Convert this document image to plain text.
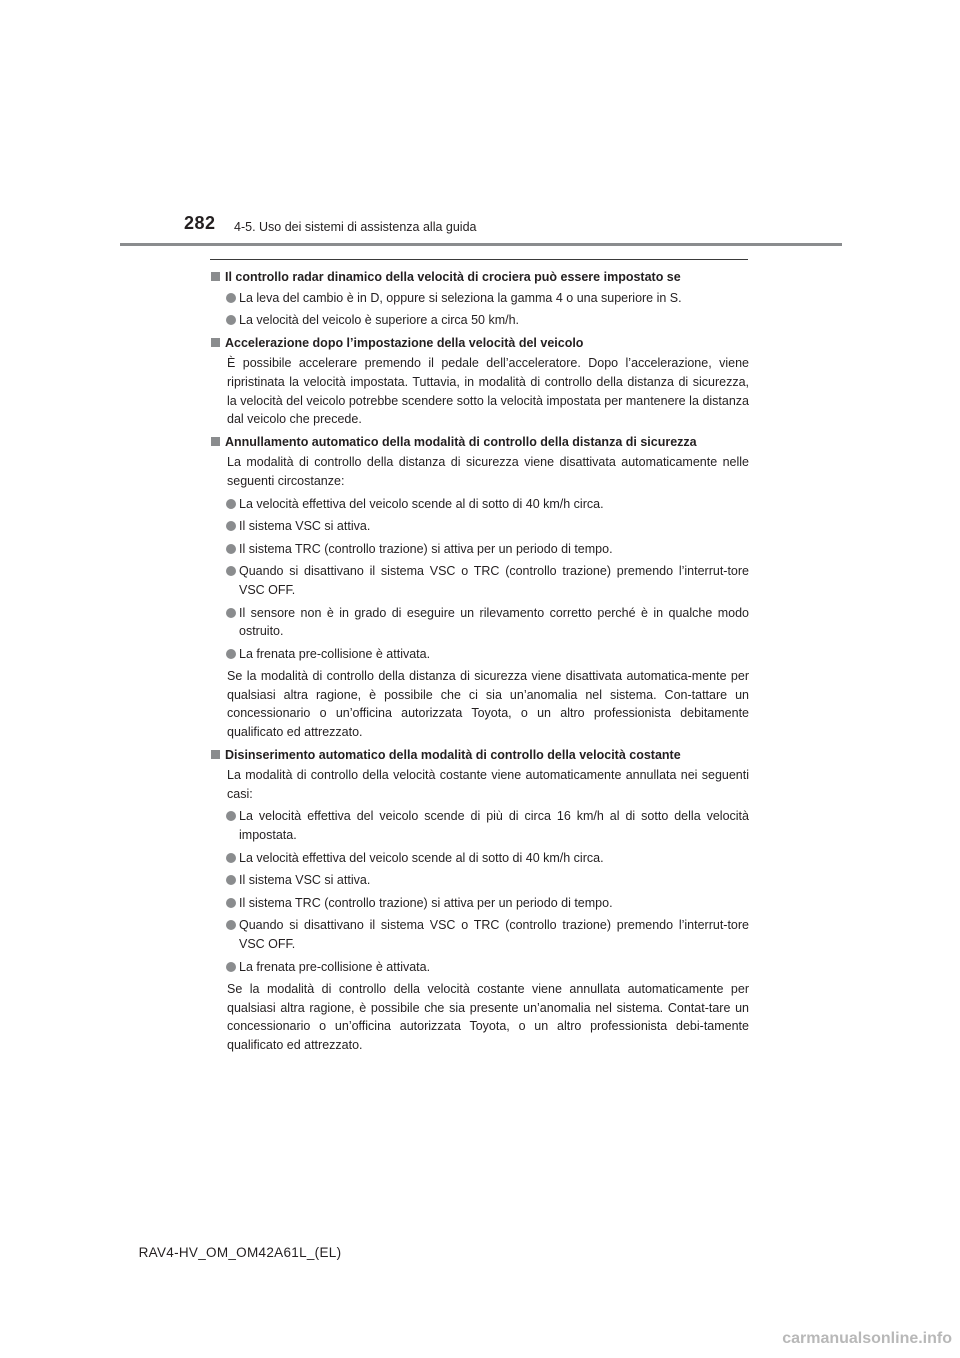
282 4-5. Uso dei sistemi di assistenza alla guida
Il controllo radar dinamico della velocità di crociera può essere impostato se
La leva del cambio è in D, oppure si seleziona la gamma 4 o una superiore in S.
La velocità del veicolo è superiore a circa 50 km/h.
Accelerazione dopo l’impostazione della velocità del veicolo
È possibile accelerare premendo il pedale dell’acceleratore. Dopo l’accelerazione, viene ripristinata la velocità impostata. Tuttavia, in modalità di controllo della distanza di sicurezza, la velocità del veicolo potrebbe scendere sotto la velocità impostata per mantenere la distanza dal veicolo che precede.
Annullamento automatico della modalità di controllo della distanza di sicurezza
La modalità di controllo della distanza di sicurezza viene disattivata automaticamente nelle seguenti circostanze:
La velocità effettiva del veicolo scende al di sotto di 40 km/h circa.
Il sistema VSC si attiva.
Il sistema TRC (controllo trazione) si attiva per un periodo di tempo.
Quando si disattivano il sistema VSC o TRC (controllo trazione) premendo l’interrut-tore VSC OFF.
Il sensore non è in grado di eseguire un rilevamento corretto perché è in qualche modo ostruito.
La frenata pre-collisione è attivata.
Se la modalità di controllo della distanza di sicurezza viene disattivata automatica-mente per qualsiasi altra ragione, è possibile che ci sia un’anomalia nel sistema. Con-tattare un concessionario o un’officina autorizzata Toyota, o un altro professionista debitamente qualificato ed attrezzato.
Disinserimento automatico della modalità di controllo della velocità costante
La modalità di controllo della velocità costante viene automaticamente annullata nei seguenti casi:
La velocità effettiva del veicolo scende di più di circa 16 km/h al di sotto della velocità impostata.
La velocità effettiva del veicolo scende al di sotto di 40 km/h circa.
Il sistema VSC si attiva.
Il sistema TRC (controllo trazione) si attiva per un periodo di tempo.
Quando si disattivano il sistema VSC o TRC (controllo trazione) premendo l’interrut-tore VSC OFF.
La frenata pre-collisione è attivata.
Se la modalità di controllo della velocità costante viene annullata automaticamente per qualsiasi altra ragione, è possibile che sia presente un’anomalia nel sistema. Contat-tare un concessionario o un’officina autorizzata Toyota, o un altro professionista debi-tamente qualificato ed attrezzato.
RAV4-HV_OM_OM42A61L_(EL)
carmanualsonline.info
